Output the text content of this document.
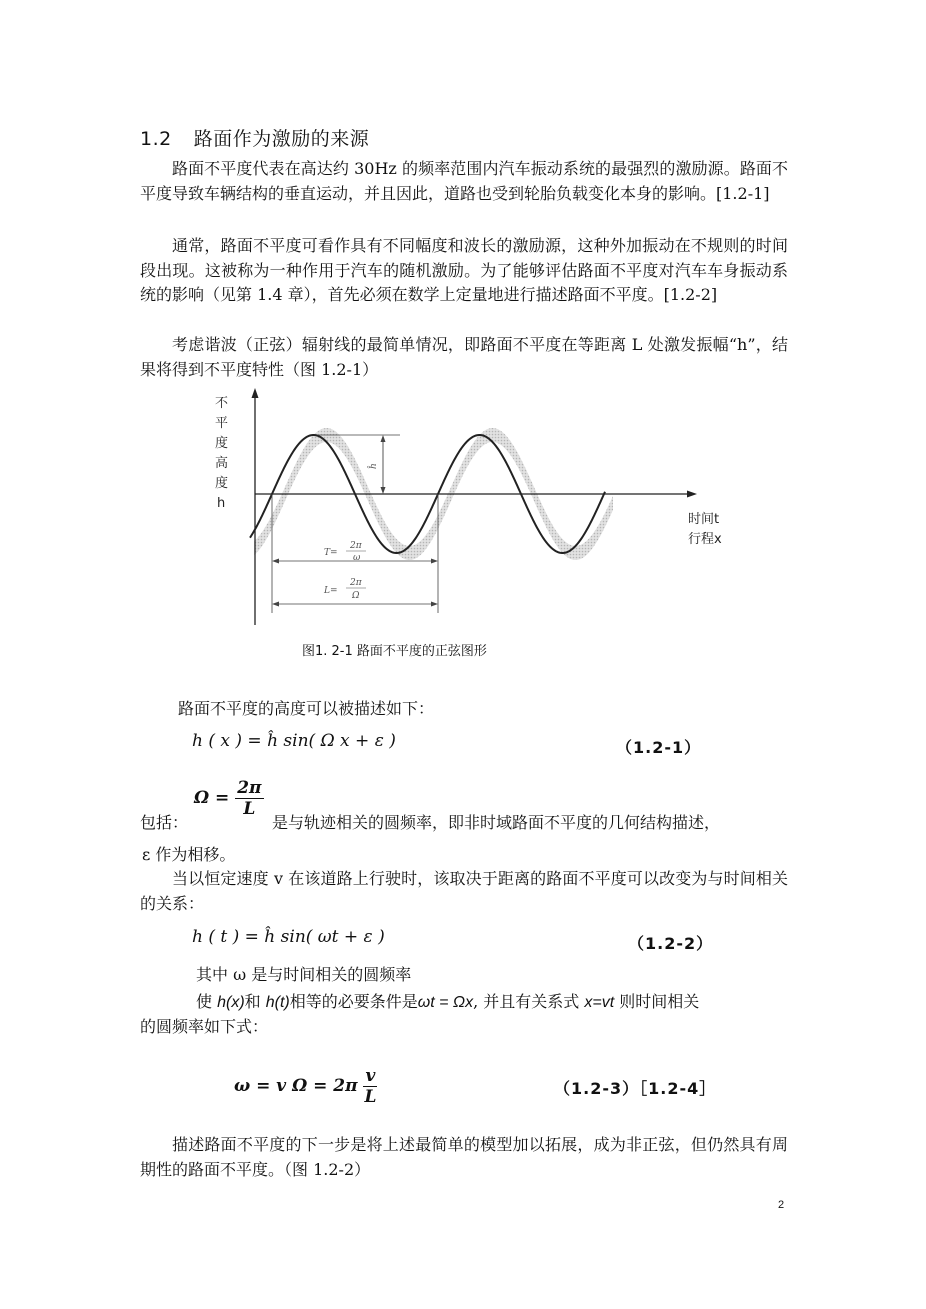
1.2 路面作为激励的来源
路面不平度代表在高达约 30Hz 的频率范围内汽车振动系统的最强烈的激励源。路面不平度导致车辆结构的垂直运动，并且因此，道路也受到轮胎负载变化本身的影响。[1.2-1]
通常，路面不平度可看作具有不同幅度和波长的激励源，这种外加振动在不规则的时间段出现。这被称为一种作用于汽车的随机激励。为了能够评估路面不平度对汽车车身振动系统的影响（见第 1.4 章），首先必须在数学上定量地进行描述路面不平度。[1.2-2]
考虑谐波（正弦）辐射线的最简单情况，即路面不平度在等距离 L 处激发振幅“h”，结果将得到不平度特性（图 1.2-1）
不
平
度
高
度
h
时间t
行程x
ĥ
T=
2π
ω
L=
2π
Ω
图1. 2-1 路面不平度的正弦图形
路面不平度的高度可以被描述如下：
h ( x ) = ĥ sin( Ω x + ε )	（1.2-1）
$\Omega = \frac{2\pi}{L}$
包括：	是与轨迹相关的圆频率，即非时域路面不平度的几何结构描述，
ε 作为相移。
当以恒定速度 v 在该道路上行驶时，该取决于距离的路面不平度可以改变为与时间相关的关系：
h ( t ) = ĥ sin( ωt + ε )	（1.2-2）
其中 ω 是与时间相关的圆频率
使 h(x)和 h(t)相等的必要条件是ωt = Ωx, 并且有关系式 x=vt 则时间相关
的圆频率如下式：
ω = v $\Omega = 2\pi \frac{v}{L}$	（1.2-3）［1.2-4］
描述路面不平度的下一步是将上述最简单的模型加以拓展，成为非正弦，但仍然具有周期性的路面不平度。（图 1.2-2）
2
